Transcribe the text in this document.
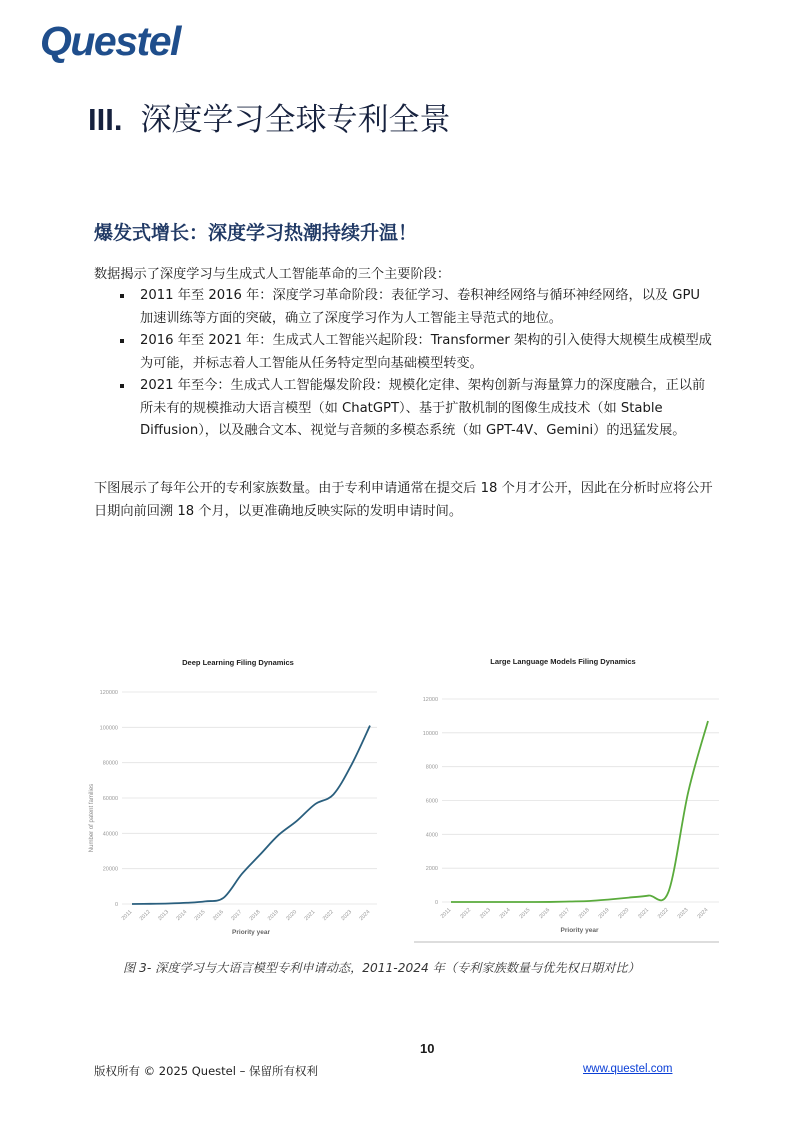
Questel
III. 深度学习全球专利全景
爆发式增长：深度学习热潮持续升温！
数据揭示了深度学习与生成式人工智能革命的三个主要阶段：
2011 年至 2016 年：深度学习革命阶段：表征学习、卷积神经网络与循环神经网络，以及 GPU 加速训练等方面的突破，确立了深度学习作为人工智能主导范式的地位。
2016 年至 2021 年：生成式人工智能兴起阶段：Transformer 架构的引入使得大规模生成模型成为可能，并标志着人工智能从任务特定型向基础模型转变。
2021 年至今：生成式人工智能爆发阶段：规模化定律、架构创新与海量算力的深度融合，正以前所未有的规模推动大语言模型（如 ChatGPT）、基于扩散机制的图像生成技术（如 Stable Diffusion），以及融合文本、视觉与音频的多模态系统（如 GPT-4V、Gemini）的迅猛发展。
下图展示了每年公开的专利家族数量。由于专利申请通常在提交后 18 个月才公开，因此在分析时应将公开日期向前回溯 18 个月，以更准确地反映实际的发明申请时间。
Deep Learning Filing Dynamics
0
20000
40000
60000
80000
100000
120000
2011 2012 2013 2014 2015 2016 2017 2018 2019 2020 2021 2022 2023 2024
Priority year
Number of patent families
Large Language Models Filing Dynamics
0
2000
4000
6000
8000
10000
12000
2011 2012 2013 2014 2015 2016 2017 2018 2019 2020 2021 2022 2023 2024
Priority year
图 3- 深度学习与大语言模型专利申请动态，2011-2024 年（专利家族数量与优先权日期对比）
10
版权所有 © 2025 Questel – 保留所有权利	www.questel.com
